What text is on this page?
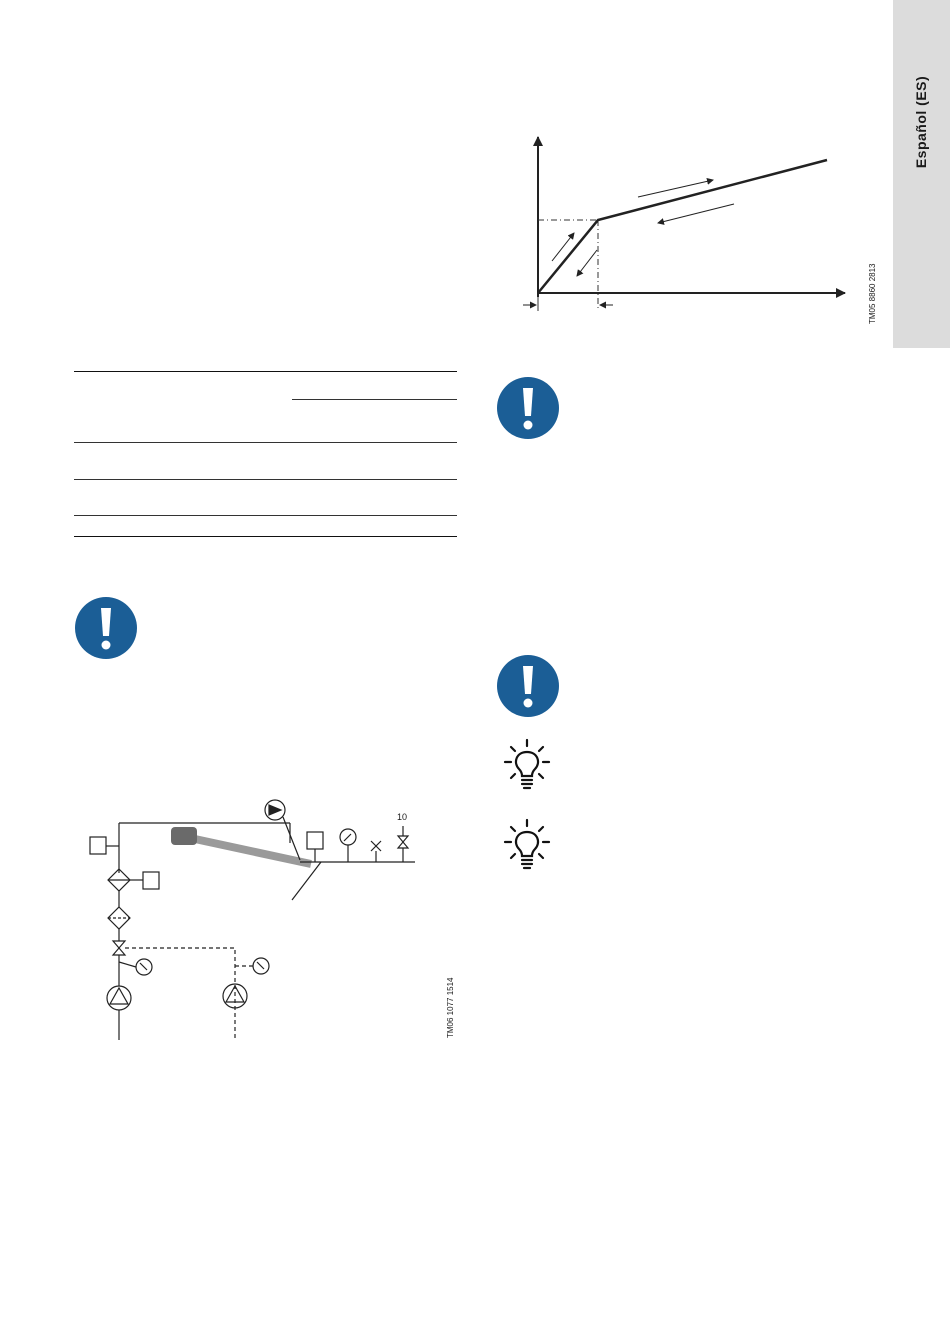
Español (ES)
TM05 8860 2813
10
TM06 1077 1514
